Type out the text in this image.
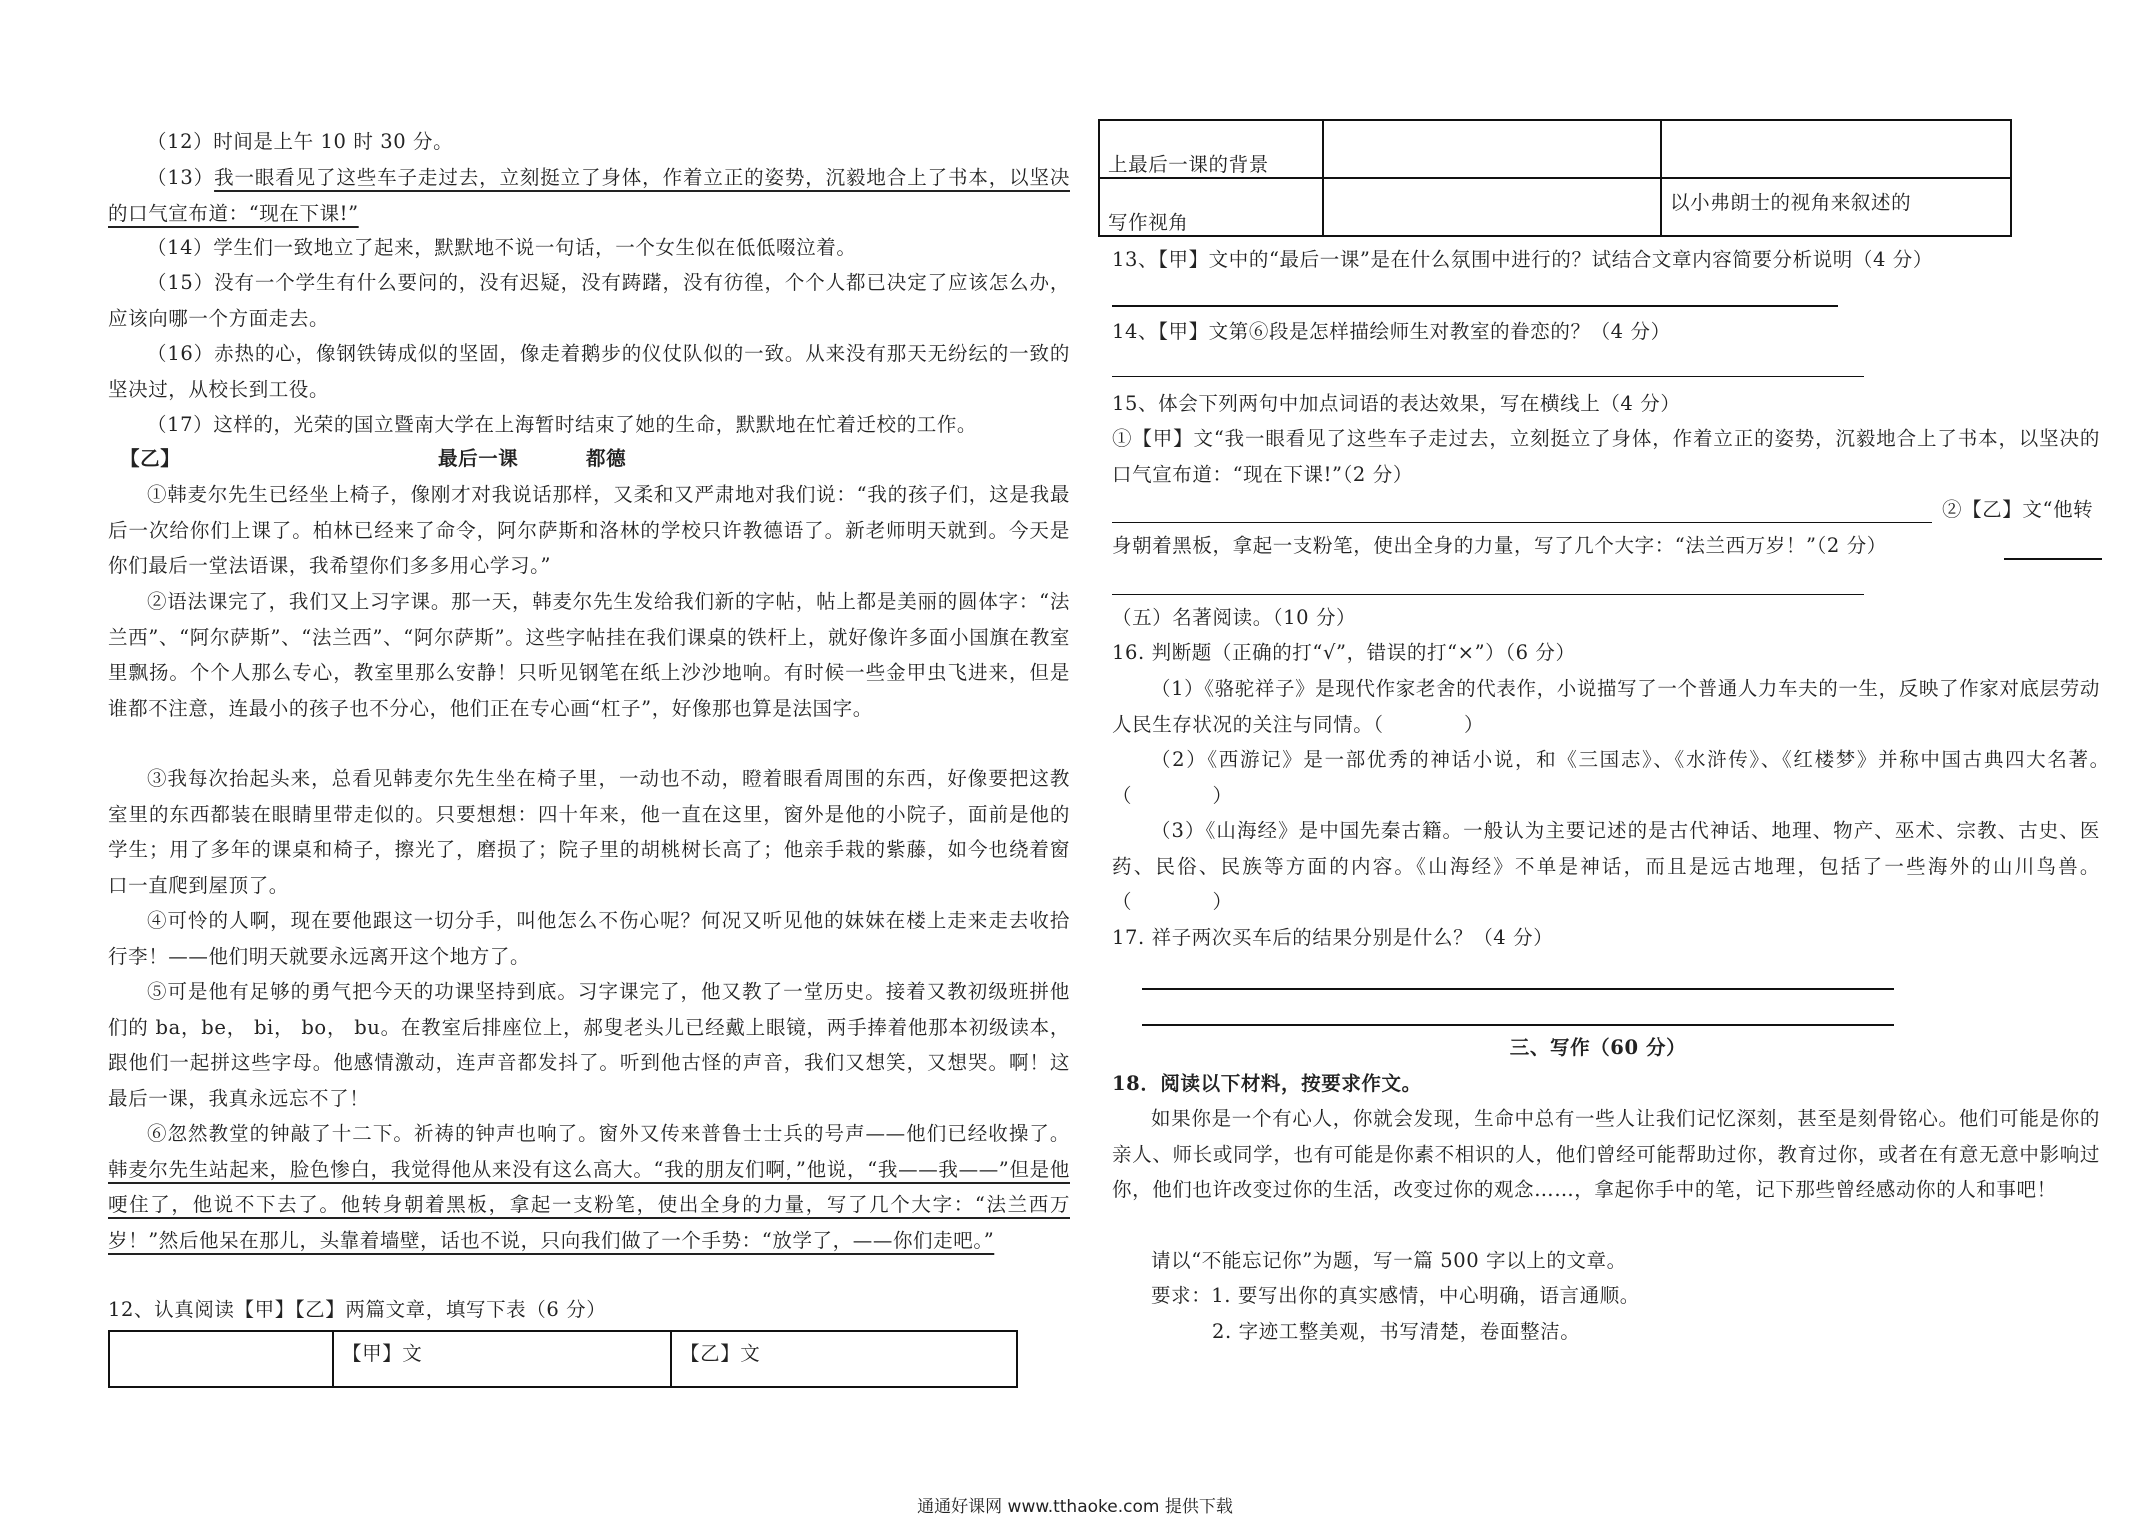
（12）时间是上午 10 时 30 分。

（13）我一眼看见了这些车子走过去，立刻挺立了身体，作着立正的姿势，沉毅地合上了书本，以坚决的口气宣布道：“现在下课!”

（14）学生们一致地立了起来，默默地不说一句话，一个女生似在低低啜泣着。

（15）没有一个学生有什么要问的，没有迟疑，没有踌躇，没有彷徨，个个人都已决定了应该怎么办，应该向哪一个方面走去。

（16）赤热的心，像钢铁铸成似的坚固，像走着鹅步的仪仗队似的一致。从来没有那天无纷纭的一致的坚决过，从校长到工役。

（17）这样的，光荣的国立暨南大学在上海暂时结束了她的生命，默默地在忙着迁校的工作。

【乙】	最后一课	都德

①韩麦尔先生已经坐上椅子，像刚才对我说话那样，又柔和又严肃地对我们说：“我的孩子们，这是我最后一次给你们上课了。柏林已经来了命令，阿尔萨斯和洛林的学校只许教德语了。新老师明天就到。今天是你们最后一堂法语课，我希望你们多多用心学习。”

②语法课完了，我们又上习字课。那一天，韩麦尔先生发给我们新的字帖，帖上都是美丽的圆体字：“法兰西”、“阿尔萨斯”、“法兰西”、“阿尔萨斯”。这些字帖挂在我们课桌的铁杆上，就好像许多面小国旗在教室里飘扬。个个人那么专心，教室里那么安静！只听见钢笔在纸上沙沙地响。有时候一些金甲虫飞进来，但是谁都不注意，连最小的孩子也不分心，他们正在专心画“杠子”，好像那也算是法国字。

③我每次抬起头来，总看见韩麦尔先生坐在椅子里，一动也不动，瞪着眼看周围的东西，好像要把这教室里的东西都装在眼睛里带走似的。只要想想：四十年来，他一直在这里，窗外是他的小院子，面前是他的学生；用了多年的课桌和椅子，擦光了，磨损了；院子里的胡桃树长高了；他亲手栽的紫藤，如今也绕着窗口一直爬到屋顶了。

④可怜的人啊，现在要他跟这一切分手，叫他怎么不伤心呢？何况又听见他的妹妹在楼上走来走去收拾行李！——他们明天就要永远离开这个地方了。

⑤可是他有足够的勇气把今天的功课坚持到底。习字课完了，他又教了一堂历史。接着又教初级班拼他们的 ba，be， bi， bo， bu。在教室后排座位上，郝叟老头儿已经戴上眼镜，两手捧着他那本初级读本，跟他们一起拼这些字母。他感情激动，连声音都发抖了。听到他古怪的声音，我们又想笑，又想哭。啊！这最后一课，我真永远忘不了！

⑥忽然教堂的钟敲了十二下。祈祷的钟声也响了。窗外又传来普鲁士士兵的号声——他们已经收操了。韩麦尔先生站起来，脸色惨白，我觉得他从来没有这么高大。“我的朋友们啊，”他说，“我——我——”但是他哽住了，他说不下去了。他转身朝着黑板，拿起一支粉笔，使出全身的力量，写了几个大字：“法兰西万岁！”然后他呆在那儿，头靠着墙壁，话也不说，只向我们做了一个手势：“放学了，——你们走吧。”

12、认真阅读【甲】【乙】两篇文章，填写下表（6 分）
	【甲】文	【乙】文
上最后一课的背景		
写作视角		以小弗朗士的视角来叙述的
13、【甲】文中的“最后一课”是在什么氛围中进行的？试结合文章内容简要分析说明（4 分）
14、【甲】文第⑥段是怎样描绘师生对教室的眷恋的？（4 分）
15、体会下列两句中加点词语的表达效果，写在横线上（4 分）

①【甲】文“我一眼看见了这些车子走过去，立刻挺立了身体，作着立正的姿势，沉毅地合上了书本，以坚决的口气宣布道：“现在下课!”（2 分）

②【乙】文“他转
身朝着黑板，拿起一支粉笔，使出全身的力量，写了几个大字：“法兰西万岁！”（2 分）
（五）名著阅读。（10 分）
16. 判断题（正确的打“√”，错误的打“×”）（6 分）

（1）《骆驼祥子》是现代作家老舍的代表作，小说描写了一个普通人力车夫的一生，反映了作家对底层劳动人民生存状况的关注与同情。（　　　　）

（2）《西游记》是一部优秀的神话小说，和《三国志》、《水浒传》、《红楼梦》并称中国古典四大名著。　　（　　　　）

（3）《山海经》是中国先秦古籍。一般认为主要记述的是古代神话、地理、物产、巫术、宗教、古史、医药、民俗、民族等方面的内容。《山海经》不单是神话，而且是远古地理，包括了一些海外的山川鸟兽。（　　　　）

17. 祥子两次买车后的结果分别是什么？（4 分）
三、写作（60 分）
18．阅读以下材料，按要求作文。

如果你是一个有心人，你就会发现，生命中总有一些人让我们记忆深刻，甚至是刻骨铭心。他们可能是你的亲人、师长或同学，也有可能是你素不相识的人，他们曾经可能帮助过你，教育过你，或者在有意无意中影响过你，他们也许改变过你的生活，改变过你的观念……，拿起你手中的笔，记下那些曾经感动你的人和事吧！

请以“不能忘记你”为题，写一篇 500 字以上的文章。

要求：1. 要写出你的真实感情，中心明确，语言通顺。

2. 字迹工整美观，书写清楚，卷面整洁。

通通好课网 www.tthaoke.com 提供下载
